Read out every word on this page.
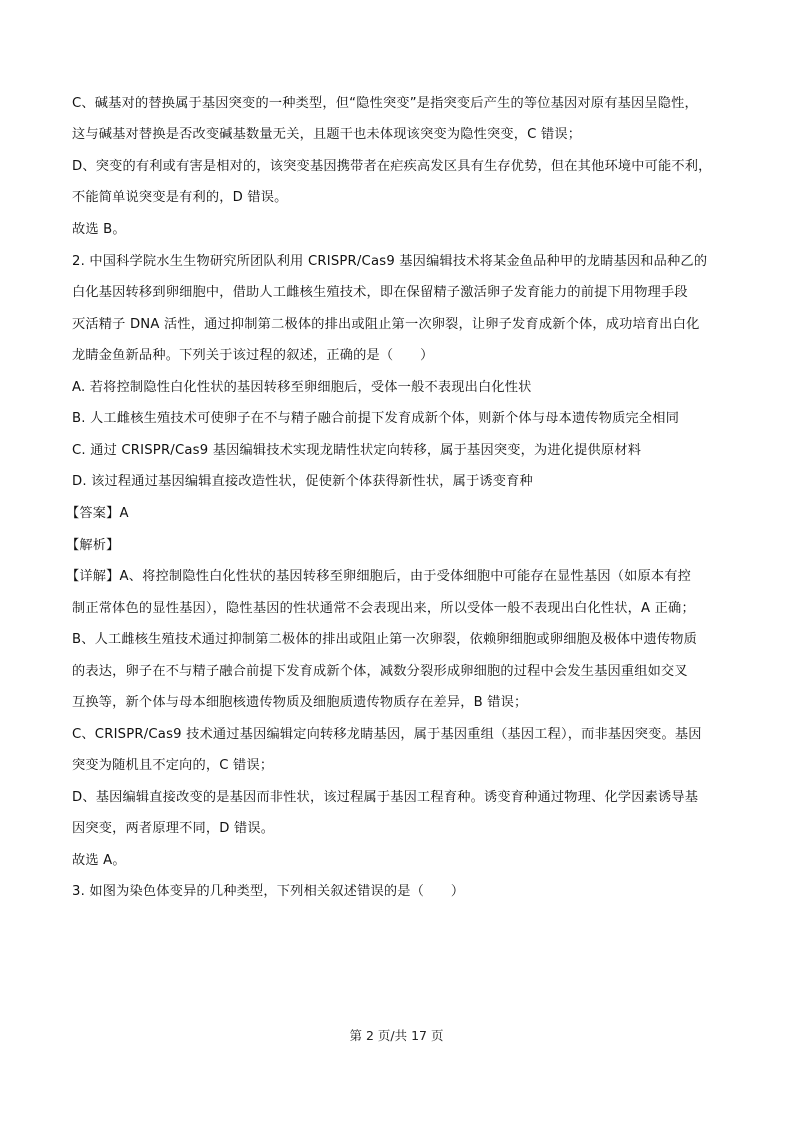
C、碱基对的替换属于基因突变的一种类型，但“隐性突变”是指突变后产生的等位基因对原有基因呈隐性，
这与碱基对替换是否改变碱基数量无关，且题干也未体现该突变为隐性突变，C 错误；
D、突变的有利或有害是相对的，该突变基因携带者在疟疾高发区具有生存优势，但在其他环境中可能不利，
不能简单说突变是有利的，D 错误。
故选 B。
2. 中国科学院水生生物研究所团队利用 CRISPR/Cas9 基因编辑技术将某金鱼品种甲的龙睛基因和品种乙的
白化基因转移到卵细胞中，借助人工雌核生殖技术，即在保留精子激活卵子发育能力的前提下用物理手段
灭活精子 DNA 活性，通过抑制第二极体的排出或阻止第一次卵裂，让卵子发育成新个体，成功培育出白化
龙睛金鱼新品种。下列关于该过程的叙述，正确的是（　　）
A. 若将控制隐性白化性状的基因转移至卵细胞后，受体一般不表现出白化性状
B. 人工雌核生殖技术可使卵子在不与精子融合前提下发育成新个体，则新个体与母本遗传物质完全相同
C. 通过 CRISPR/Cas9 基因编辑技术实现龙睛性状定向转移，属于基因突变，为进化提供原材料
D. 该过程通过基因编辑直接改造性状，促使新个体获得新性状，属于诱变育种
【答案】A
【解析】
【详解】A、将控制隐性白化性状的基因转移至卵细胞后，由于受体细胞中可能存在显性基因（如原本有控
制正常体色的显性基因），隐性基因的性状通常不会表现出来，所以受体一般不表现出白化性状，A 正确；
B、人工雌核生殖技术通过抑制第二极体的排出或阻止第一次卵裂，依赖卵细胞或卵细胞及极体中遗传物质
的表达，卵子在不与精子融合前提下发育成新个体，减数分裂形成卵细胞的过程中会发生基因重组如交叉
互换等，新个体与母本细胞核遗传物质及细胞质遗传物质存在差异，B 错误；
C、CRISPR/Cas9 技术通过基因编辑定向转移龙睛基因，属于基因重组（基因工程），而非基因突变。基因
突变为随机且不定向的，C 错误；
D、基因编辑直接改变的是基因而非性状，该过程属于基因工程育种。诱变育种通过物理、化学因素诱导基
因突变，两者原理不同，D 错误。
故选 A。
3. 如图为染色体变异的几种类型，下列相关叙述错误的是（　　）
第 2 页/共 17 页
